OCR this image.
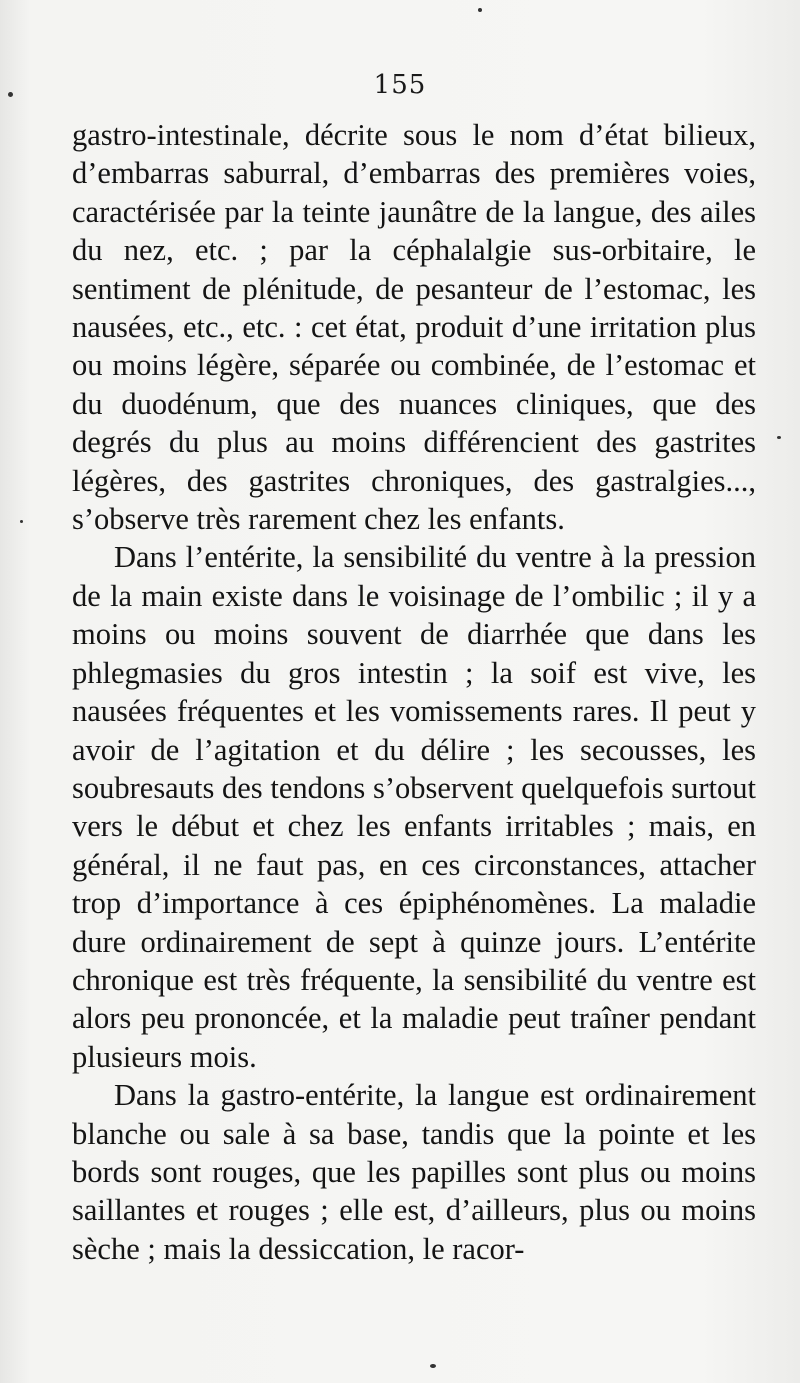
155

gastro-intestinale, décrite sous le nom d’état bilieux, d’embarras saburral, d’embarras des premières voies, caractérisée par la teinte jaunâtre de la langue, des ailes du nez, etc. ; par la céphalalgie sus-orbitaire, le sentiment de plénitude, de pesanteur de l’estomac, les nausées, etc., etc. : cet état, produit d’une irritation plus ou moins légère, séparée ou combinée, de l’estomac et du duodénum, que des nuances cliniques, que des degrés du plus au moins différencient des gastrites légères, des gastrites chroniques, des gastralgies..., s’observe très rarement chez les enfants.

Dans l’entérite, la sensibilité du ventre à la pression de la main existe dans le voisinage de l’ombilic ; il y a moins ou moins souvent de diarrhée que dans les phlegmasies du gros intestin ; la soif est vive, les nausées fréquentes et les vomissements rares. Il peut y avoir de l’agitation et du délire ; les secousses, les soubresauts des tendons s’observent quelquefois surtout vers le début et chez les enfants irritables ; mais, en général, il ne faut pas, en ces circonstances, attacher trop d’importance à ces épiphénomènes. La maladie dure ordinairement de sept à quinze jours. L’entérite chronique est très fréquente, la sensibilité du ventre est alors peu prononcée, et la maladie peut traîner pendant plusieurs mois.

Dans la gastro-entérite, la langue est ordinairement blanche ou sale à sa base, tandis que la pointe et les bords sont rouges, que les papilles sont plus ou moins saillantes et rouges ; elle est, d’ailleurs, plus ou moins sèche ; mais la dessiccation, le racor-
